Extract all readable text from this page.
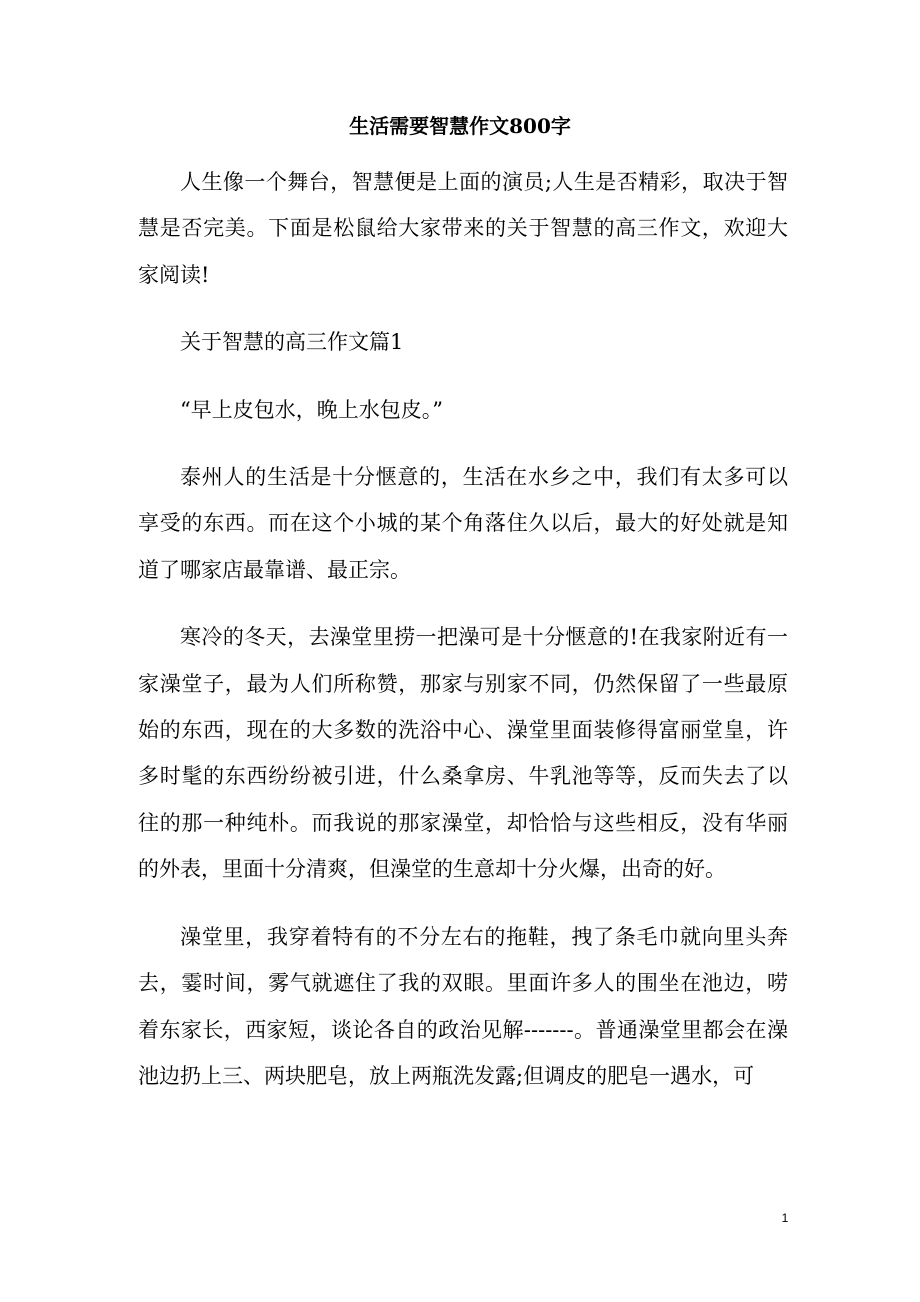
生活需要智慧作文800字

人生像一个舞台，智慧便是上面的演员;人生是否精彩，取决于智慧是否完美。下面是松鼠给大家带来的关于智慧的高三作文，欢迎大家阅读!

关于智慧的高三作文篇1

“早上皮包水，晚上水包皮。”

泰州人的生活是十分惬意的，生活在水乡之中，我们有太多可以享受的东西。而在这个小城的某个角落住久以后，最大的好处就是知道了哪家店最靠谱、最正宗。

寒冷的冬天，去澡堂里捞一把澡可是十分惬意的!在我家附近有一家澡堂子，最为人们所称赞，那家与别家不同，仍然保留了一些最原始的东西，现在的大多数的洗浴中心、澡堂里面装修得富丽堂皇，许多时髦的东西纷纷被引进，什么桑拿房、牛乳池等等，反而失去了以往的那一种纯朴。而我说的那家澡堂，却恰恰与这些相反，没有华丽的外表，里面十分清爽，但澡堂的生意却十分火爆，出奇的好。

澡堂里，我穿着特有的不分左右的拖鞋，拽了条毛巾就向里头奔去，霎时间，雾气就遮住了我的双眼。里面许多人的围坐在池边，唠着东家长，西家短，谈论各自的政治见解-------。普通澡堂里都会在澡池边扔上三、两块肥皂，放上两瓶洗发露;但调皮的肥皂一遇水，可

1
